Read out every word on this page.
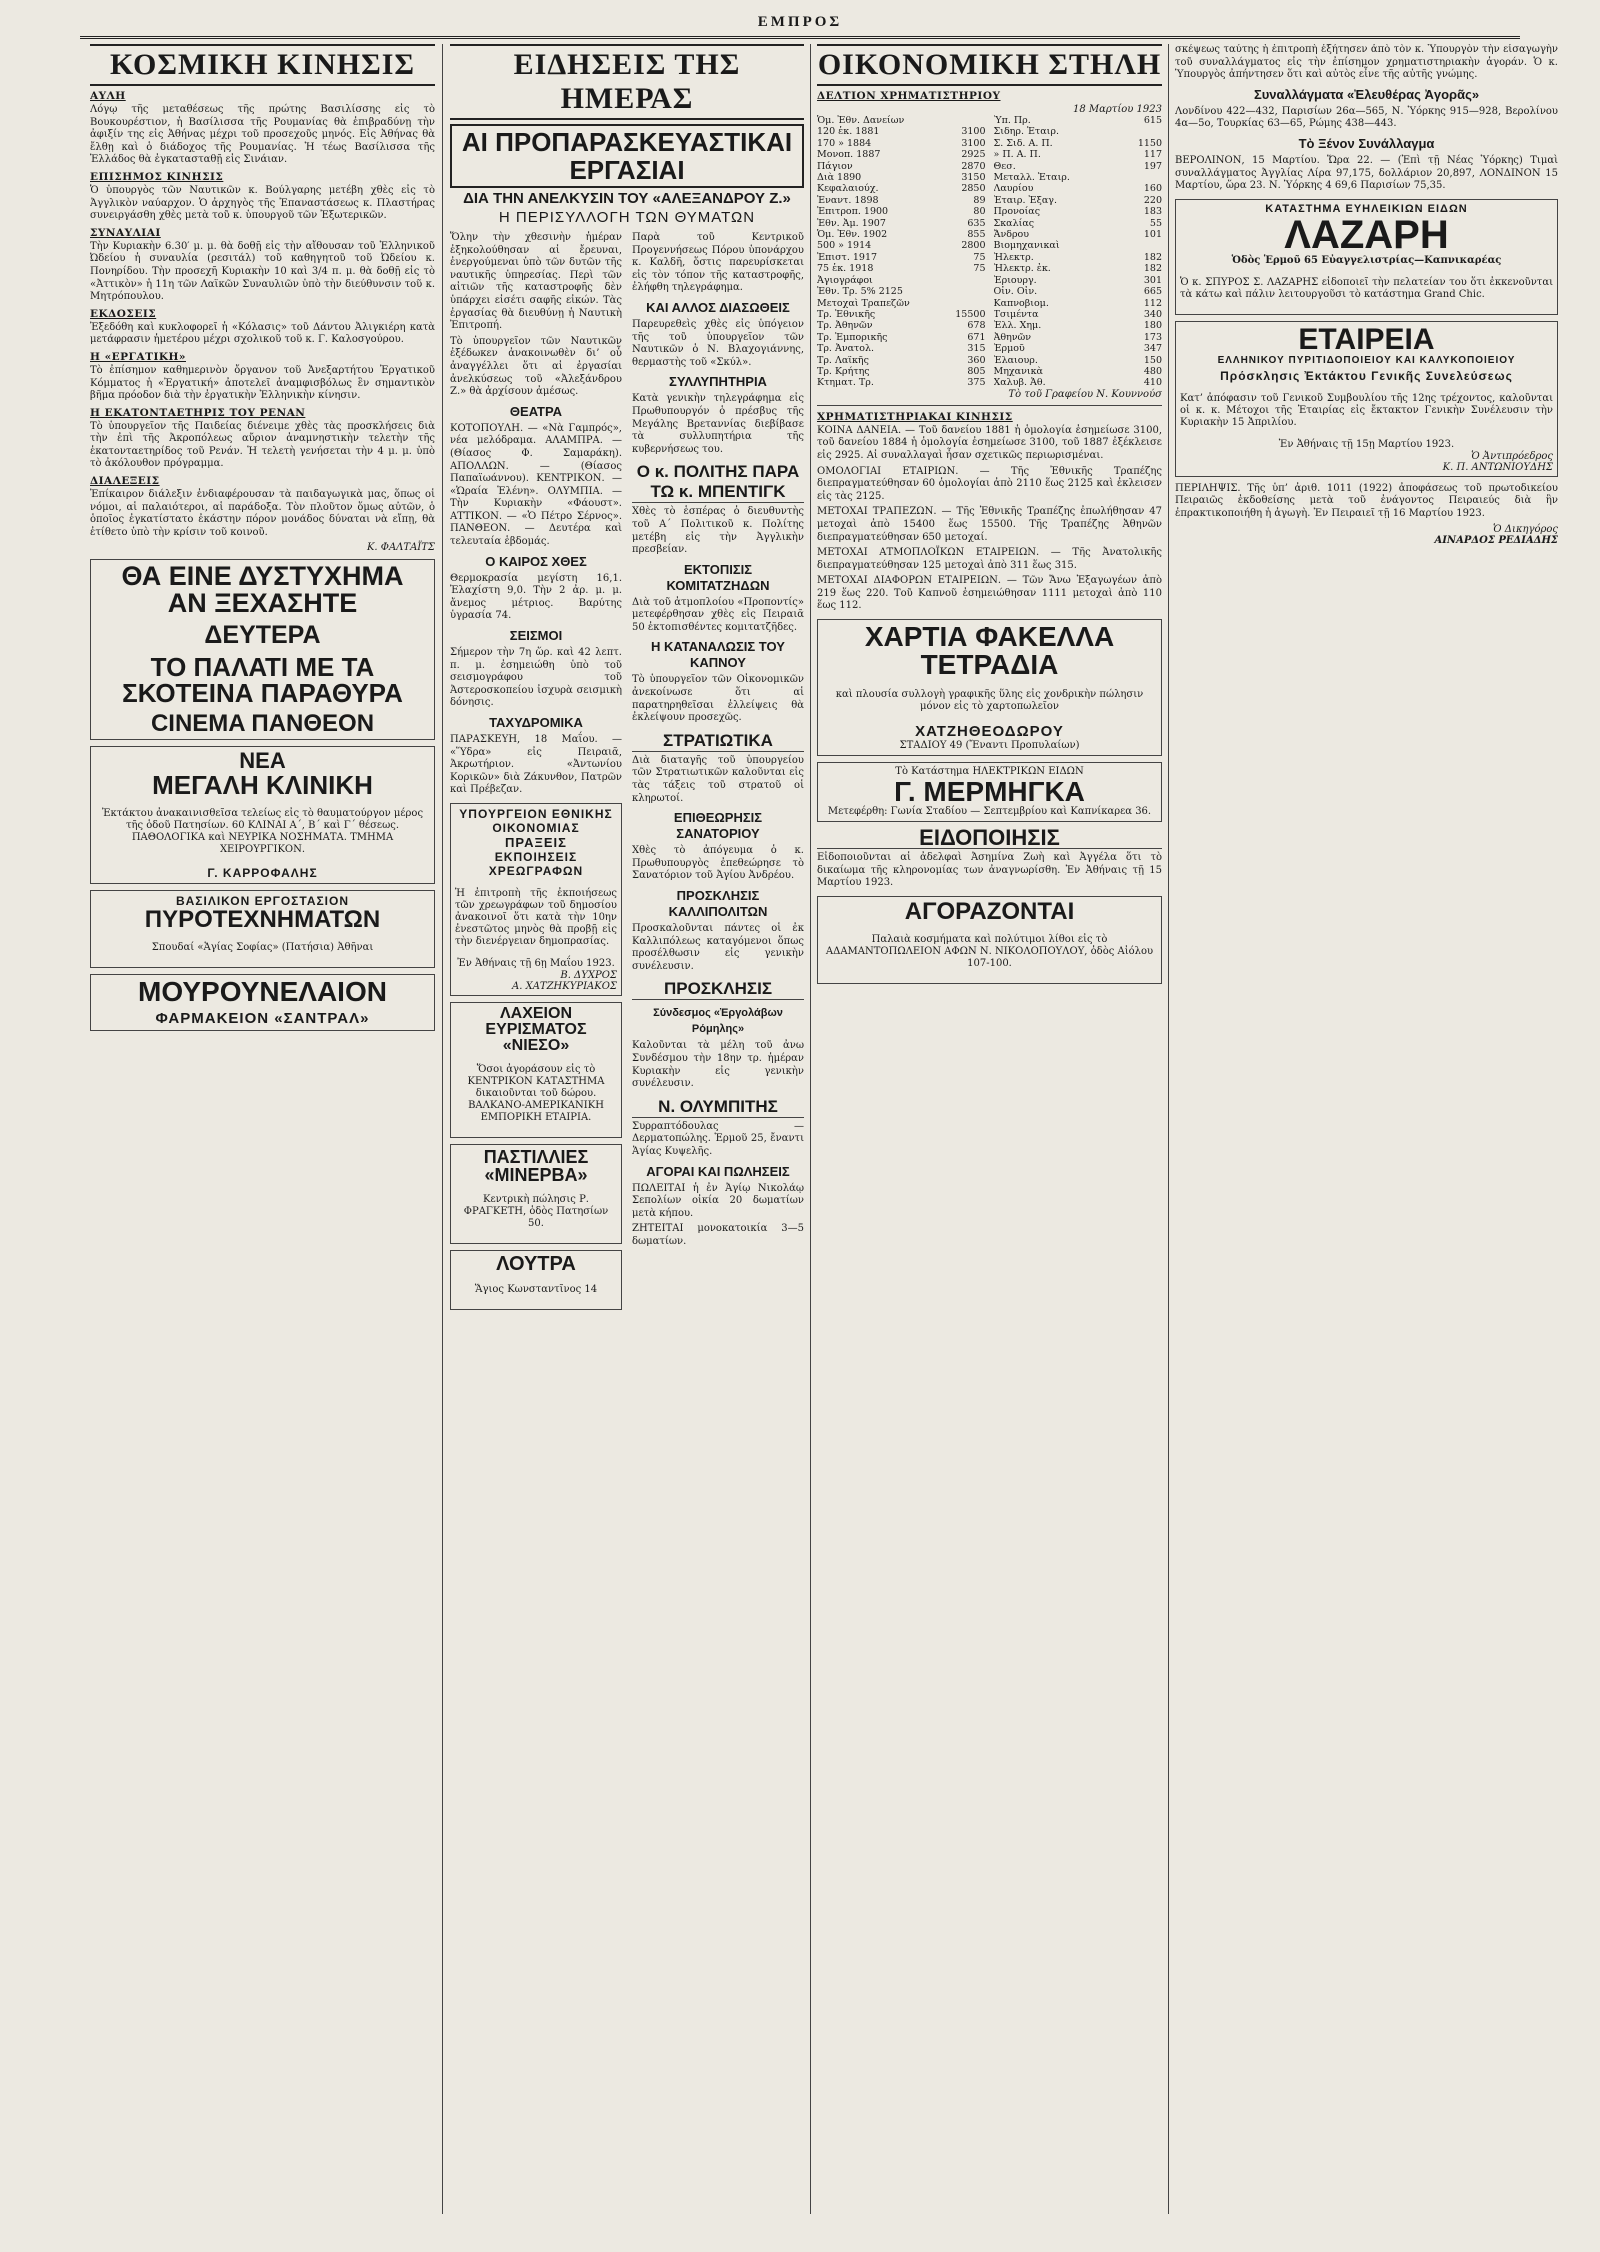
ΕΜΠΡΟΣ
ΚΟΣΜΙΚΗ ΚΙΝΗΣΙΣ
ΑΥΛΗ

Λόγῳ τῆς μεταθέσεως τῆς πρώτης Βασιλίσσης εἰς τὸ Βουκουρέστιον, ἡ Βασίλισσα τῆς Ρουμανίας θὰ ἐπιβραδύνῃ τὴν ἀφιξίν της εἰς Ἀθήνας μέχρι τοῦ προσεχοῦς μηνός. Εἰς Ἀθήνας θὰ ἔλθῃ καὶ ὁ διάδοχος τῆς Ρουμανίας. Ἡ τέως Βασίλισσα τῆς Ἑλλάδος θὰ ἐγκατασταθῇ εἰς Σινάιαν.

ΕΠΙΣΗΜΟΣ ΚΙΝΗΣΙΣ

Ὁ ὑπουργὸς τῶν Ναυτικῶν κ. Βούλγαρης μετέβη χθὲς εἰς τὸ Ἀγγλικὸν ναύαρχον. Ὁ ἀρχηγὸς τῆς Ἐπαναστάσεως κ. Πλαστήρας συνειργάσθη χθὲς μετὰ τοῦ κ. ὑπουργοῦ τῶν Ἐξωτερικῶν.

ΣΥΝΑΥΛΙΑΙ

Τὴν Κυριακὴν 6.30′ μ. μ. θὰ δοθῇ εἰς τὴν αἴθουσαν τοῦ Ἑλληνικοῦ Ὠδείου ἡ συναυλία (ρεσιτάλ) τοῦ καθηγητοῦ τοῦ Ὠδείου κ. Πονηρίδου. Τὴν προσεχῆ Κυριακὴν 10 καὶ 3/4 π. μ. θὰ δοθῇ εἰς τὸ «Ἀττικὸν» ἡ 11η τῶν Λαϊκῶν Συναυλιῶν ὑπὸ τὴν διεύθυνσιν τοῦ κ. Μητρόπουλου.

ΕΚΔΟΣΕΙΣ

Ἐξεδόθη καὶ κυκλοφορεῖ ἡ «Κόλασις» τοῦ Δάντου Ἀλιγκιέρη κατὰ μετάφρασιν ἡμετέρου μέχρι σχολικοῦ τοῦ κ. Γ. Καλοσγούρου.

Η «ΕΡΓΑΤΙΚΗ»

Τὸ ἐπίσημον καθημερινὸν ὄργανον τοῦ Ἀνεξαρτήτου Ἐργατικοῦ Κόμματος ἡ «Ἐργατική» ἀποτελεῖ ἀναμφισβόλως ἓν σημαντικὸν βῆμα πρόοδον διὰ τὴν ἐργατικὴν Ἑλληνικὴν κίνησιν.

Η ΕΚΑΤΟΝΤΑΕΤΗΡΙΣ ΤΟΥ ΡΕΝΑΝ

Τὸ ὑπουργεῖον τῆς Παιδείας διένειμε χθὲς τὰς προσκλήσεις διὰ τὴν ἐπὶ τῆς Ἀκροπόλεως αὔριον ἀναμνηστικὴν τελετὴν τῆς ἑκατονταετηρίδος τοῦ Ρενάν. Ἡ τελετὴ γενήσεται τὴν 4 μ. μ. ὑπὸ τὸ ἀκόλουθον πρόγραμμα.

ΔΙΑΛΕΞΕΙΣ

Ἐπίκαιρον διάλεξιν ἐνδιαφέρουσαν τὰ παιδαγωγικὰ μας, ὅπως οἱ νόμοι, αἱ παλαιότεροι, αἱ παράδοξα. Τὸν πλοῦτον ὅμως αὐτῶν, ὁ ὁποῖος ἐγκατίστατο ἐκάστην πόρον μονάδος δύναται νὰ εἴπῃ, θὰ ἐτίθετο ὑπὸ τὴν κρίσιν τοῦ κοινοῦ.

Κ. ΦΑΛΤΑΪΤΣ
ΘΑ ΕΙΝΕ ΔΥΣΤΥΧΗΜΑ
ΑΝ ΞΕΧΑΣΗΤΕ
ΔΕΥΤΕΡΑ
ΤΟ ΠΑΛΑΤΙ ΜΕ ΤΑ ΣΚΟΤΕΙΝΑ ΠΑΡΑΘΥΡΑ
CINEMA ΠΑΝΘΕΟΝ
ΝΕΑ
ΜΕΓΑΛΗ ΚΛΙΝΙΚΗ

Ἐκτάκτου ἀνακαινισθεῖσα τελείως εἰς τὸ θαυματούργον μέρος τῆς ὁδοῦ Πατησίων. 60 ΚΛΙΝΑΙ Α΄, Β΄ καὶ Γ΄ θέσεως. ΠΑΘΟΛΟΓΙΚΑ καὶ ΝΕΥΡΙΚΑ ΝΟΣΗΜΑΤΑ. ΤΜΗΜΑ ΧΕΙΡΟΥΡΓΙΚΟΝ.

Γ. ΚΑΡΡΟΦΑΛΗΣ
ΒΑΣΙΛΙΚΟΝ ΕΡΓΟΣΤΑΣΙΟΝ
ΠΥΡΟΤΕΧΝΗΜΑΤΩΝ

Σπουδαί «Ἁγίας Σοφίας» (Πατήσια) Ἀθῆναι

ΜΟΥΡΟΥΝΕΛΑΙΟΝ
ΦΑΡΜΑΚΕΙΟΝ «ΣΑΝΤΡΑΛ»
ΕΙΔΗΣΕΙΣ ΤΗΣ ΗΜΕΡΑΣ
ΑΙ ΠΡΟΠΑΡΑΣΚΕΥΑΣΤΙΚΑΙ ΕΡΓΑΣΙΑΙ
ΔΙΑ ΤΗΝ ΑΝΕΛΚΥΣΙΝ ΤΟΥ «ΑΛΕΞΑΝΔΡΟΥ Ζ.»
Η ΠΕΡΙΣΥΛΛΟΓΗ ΤΩΝ ΘΥΜΑΤΩΝ

Ὅλην τὴν χθεσινὴν ἡμέραν ἐξηκολούθησαν αἱ ἔρευναι, ἐνεργούμεναι ὑπὸ τῶν δυτῶν τῆς ναυτικῆς ὑπηρεσίας. Περὶ τῶν αἰτιῶν τῆς καταστροφῆς δὲν ὑπάρχει εἰσέτι σαφῆς εἰκών. Τὰς ἐργασίας θὰ διευθύνῃ ἡ Ναυτικὴ Ἐπιτροπή.

Τὸ ὑπουργεῖον τῶν Ναυτικῶν ἐξέδωκεν ἀνακοινωθὲν δι’ οὗ ἀναγγέλλει ὅτι αἱ ἐργασίαι ἀνελκύσεως τοῦ «Ἀλεξάνδρου Ζ.» θὰ ἀρχίσουν ἀμέσως.

ΘΕΑΤΡΑ

ΚΟΤΟΠΟΥΛΗ. — «Νὰ Γαμπρός», νέα μελόδραμα. ΑΛΑΜΠΡΑ. — (Θίασος Φ. Σαμαράκη). ΑΠΟΛΛΩΝ. — (Θίασος Παπαϊωάννου). ΚΕΝΤΡΙΚΟΝ. — «Ὡραία Ἑλένη». ΟΛΥΜΠΙΑ. — Τὴν Κυριακὴν «Φάουστ». ΑΤΤΙΚΟΝ. — «Ὁ Πέτρο Σέρνος». ΠΑΝΘΕΟΝ. — Δευτέρα καὶ τελευταία ἑβδομάς.

Ο ΚΑΙΡΟΣ ΧΘΕΣ

Θερμοκρασία μεγίστη 16,1. Ἐλαχίστη 9,0. Τὴν 2 ἀρ. μ. μ. ἄνεμος μέτριος. Βαρύτης ὑγρασία 74.

ΣΕΙΣΜΟΙ

Σήμερον τὴν 7η ὥρ. καὶ 42 λεπτ. π. μ. ἐσημειώθη ὑπὸ τοῦ σεισμογράφου τοῦ Ἀστεροσκοπείου ἰσχυρὰ σεισμικὴ δόνησις.

ΤΑΧΥΔΡΟΜΙΚΑ

ΠΑΡΑΣΚΕΥΗ, 18 Μαΐου. — «Ὕδρα» εἰς Πειραιᾶ, Ἀκρωτήριον. «Ἀντωνίου Κορικῶν» διὰ Ζάκυνθον, Πατρῶν καὶ Πρέβεζαν.

ΥΠΟΥΡΓΕΙΟΝ ΕΘΝΙΚΗΣ ΟΙΚΟΝΟΜΙΑΣ
ΠΡΑΞΕΙΣ
ΕΚΠΟΙΗΣΕΙΣ ΧΡΕΩΓΡΑΦΩΝ

Ἡ ἐπιτροπὴ τῆς ἐκποιήσεως τῶν χρεωγράφων τοῦ δημοσίου ἀνακοινοῖ ὅτι κατὰ τὴν 10ην ἐνεστῶτος μηνὸς θὰ προβῇ εἰς τὴν διενέργειαν δημοπρασίας.

Ἐν Ἀθήναις τῇ 6ῃ Μαΐου 1923.
Β. ΔΥΧΡΟΣ
Α. ΧΑΤΖΗΚΥΡΙΑΚΟΣ
ΛΑΧΕΙΟΝ ΕΥΡΙΣΜΑΤΟΣ «ΝΙΕΣΟ»

Ὅσοι ἀγοράσουν εἰς τὸ ΚΕΝΤΡΙΚΟΝ ΚΑΤΑΣΤΗΜΑ δικαιοῦνται τοῦ δώρου. ΒΑΛΚΑΝΟ-ΑΜΕΡΙΚΑΝΙΚΗ ΕΜΠΟΡΙΚΗ ΕΤΑΙΡΙΑ.

ΠΑΣΤΙΛΛΙΕΣ «ΜΙΝΕΡΒΑ»

Κεντρικὴ πώλησις Ρ. ΦΡΑΓΚΕΤΗ, ὁδὸς Πατησίων 50.

ΛΟΥΤΡΑ

Ἅγιος Κωνσταντῖνος 14

Παρὰ τοῦ Κεντρικοῦ Προγεννήσεως Πόρου ὑπονάρχου κ. Καλδῆ, ὅστις παρευρίσκεται εἰς τὸν τόπον τῆς καταστροφῆς, ἐλήφθη τηλεγράφημα.

ΚΑΙ ΑΛΛΟΣ ΔΙΑΣΩΘΕΙΣ

Παρευρεθεὶς χθὲς εἰς ὑπόγειον τῆς τοῦ ὑπουργεῖον τῶν Ναυτικῶν ὁ Ν. Βλαχογιάννης, θερμαστὴς τοῦ «Σκύλ».

ΣΥΛΛΥΠΗΤΗΡΙΑ

Κατὰ γενικὴν τηλεγράφημα εἰς Πρωθυπουργόν ὁ πρέσβυς τῆς Μεγάλης Βρεταννίας διεβίβασε τὰ συλλυπητήρια τῆς κυβερνήσεως του.

Ο κ. ΠΟΛΙΤΗΣ ΠΑΡΑ ΤΩ κ. ΜΠΕΝΤΙΓΚ

Χθὲς τὸ ἑσπέρας ὁ διευθυντὴς τοῦ Α΄ Πολιτικοῦ κ. Πολίτης μετέβη εἰς τὴν Ἀγγλικὴν πρεσβείαν.

ΕΚΤΟΠΙΣΙΣ ΚΟΜΙΤΑΤΖΗΔΩΝ

Διὰ τοῦ ἀτμοπλοίου «Προποντίς» μετεφέρθησαν χθὲς εἰς Πειραιᾶ 50 ἐκτοπισθέντες κομιτατζῆδες.

Η ΚΑΤΑΝΑΛΩΣΙΣ ΤΟΥ ΚΑΠΝΟΥ

Τὸ ὑπουργεῖον τῶν Οἰκονομικῶν ἀνεκοίνωσε ὅτι αἱ παρατηρηθεῖσαι ἐλλείψεις θὰ ἐκλείψουν προσεχῶς.

ΣΤΡΑΤΙΩΤΙΚΑ

Διὰ διαταγῆς τοῦ ὑπουργείου τῶν Στρατιωτικῶν καλοῦνται εἰς τὰς τάξεις τοῦ στρατοῦ οἱ κληρωτοί.

ΕΠΙΘΕΩΡΗΣΙΣ ΣΑΝΑΤΟΡΙΟΥ

Χθὲς τὸ ἀπόγευμα ὁ κ. Πρωθυπουργὸς ἐπεθεώρησε τὸ Σανατόριον τοῦ Ἀγίου Ἀνδρέου.

ΠΡΟΣΚΛΗΣΙΣ ΚΑΛΛΙΠΟΛΙΤΩΝ

Προσκαλοῦνται πάντες οἱ ἐκ Καλλιπόλεως καταγόμενοι ὅπως προσέλθωσιν εἰς γενικὴν συνέλευσιν.

ΠΡΟΣΚΛΗΣΙΣ
Σύνδεσμος «Ἐργολάβων Ρόμηλης»

Καλοῦνται τὰ μέλη τοῦ ἀνω Συνδέσμου τὴν 18ην τρ. ἡμέραν Κυριακὴν εἰς γενικὴν συνέλευσιν.

Ν. ΟΛΥΜΠΙΤΗΣ

Συρραπτόδουλας — Δερματοπώλης. Ἑρμοῦ 25, ἔναντι Ἁγίας Κυψελῆς.

ΑΓΟΡΑΙ ΚΑΙ ΠΩΛΗΣΕΙΣ

ΠΩΛΕΙΤΑΙ ἡ ἐν Ἀγίῳ Νικολάῳ Σεπολίων οἰκία 20 δωματίων μετὰ κήπου.

ΖΗΤΕΙΤΑΙ μονοκατοικία 3—5 δωματίων.

ΟΙΚΟΝΟΜΙΚΗ ΣΤΗΛΗ
ΔΕΛΤΙΟΝ ΧΡΗΜΑΤΙΣΤΗΡΙΟΥ
18 Μαρτίου 1923
Ὁμ. Ἐθν. Δανείων
120 ἑκ. 1881	3100
170 » 1884	3100
Μονοπ. 1887	2925
Πάγιον	2870
Διὰ 1890	3150
Κεφαλαιούχ.	2850
Ἐναντ. 1898	89
Ἐπιτροπ. 1900	80
Ἐθν. Ἀμ. 1907	635
Ὁμ. Ἐθν. 1902	855
500 » 1914	2800
Ἐπιστ. 1917	75
75 ἑκ. 1918	75
Ἀγιογράφοι
Ἐθν. Τρ. 5% 2125
Μετοχαὶ Τραπεζῶν
Τρ. Ἐθνικῆς	15500
Τρ. Ἀθηνῶν	678
Τρ. Ἐμπορικῆς	671
Τρ. Ἀνατολ.	315
Τρ. Λαϊκῆς	360
Τρ. Κρήτης	805
Κτηματ. Τρ.	375
Ὑπ. Πρ.	615
Σιδηρ. Ἑταιρ.
Σ. Σιδ. Α. Π.	1150
» Π. Α. Π.	117
Θεσ.	197
Μεταλλ. Ἑταιρ.
Λαυρίου	160
Ἑταιρ. Ἐξαγ.	220
Προνοίας	183
Σκαλίας	55
Ἄνδρου	101
Βιομηχανικαὶ
Ἠλεκτρ.	182
Ἠλεκτρ. ἐκ.	182
Ἐριουργ.	301
Οἶν. Οἰν.	665
Καπνοβιομ.	112
Τσιμέντα	340
Ἑλλ. Χημ.	180
Ἀθηνῶν	173
Ἑρμοῦ	347
Ἐλαιουρ.	150
Μηχανικὰ	480
Χαλυβ. Ἀθ.	410
Τὸ τοῦ Γραφείου Ν. Κουννούσ
ΧΡΗΜΑΤΙΣΤΗΡΙΑΚΑΙ ΚΙΝΗΣΙΣ

ΚΟΙΝΑ ΔΑΝΕΙΑ. — Τοῦ δανείου 1881 ἡ ὁμολογία ἐσημείωσε 3100, τοῦ δανείου 1884 ἡ ὁμολογία ἐσημείωσε 3100, τοῦ 1887 ἐξέκλεισε εἰς 2925. Αἱ συναλλαγαὶ ἦσαν σχετικῶς περιωρισμέναι.

ΟΜΟΛΟΓΙΑΙ ΕΤΑΙΡΙΩΝ. — Τῆς Ἐθνικῆς Τραπέζης διεπραγματεύθησαν 60 ὁμολογίαι ἀπὸ 2110 ἕως 2125 καὶ ἐκλεισεν εἰς τὰς 2125.

ΜΕΤΟΧΑΙ ΤΡΑΠΕΖΩΝ. — Τῆς Ἐθνικῆς Τραπέζης ἐπωλήθησαν 47 μετοχαὶ ἀπὸ 15400 ἕως 15500. Τῆς Τραπέζης Ἀθηνῶν διεπραγματεύθησαν 650 μετοχαί.

ΜΕΤΟΧΑΙ ΑΤΜΟΠΛΟΪΚΩΝ ΕΤΑΙΡΕΙΩΝ. — Τῆς Ἀνατολικῆς διεπραγματεύθησαν 125 μετοχαὶ ἀπὸ 311 ἕως 315.

ΜΕΤΟΧΑΙ ΔΙΑΦΟΡΩΝ ΕΤΑΙΡΕΙΩΝ. — Τῶν Ἄνω Ἐξαγωγέων ἀπὸ 219 ἕως 220. Τοῦ Καπνοῦ ἐσημειώθησαν 1111 μετοχαὶ ἀπὸ 110 ἕως 112.

ΧΑΡΤΙΑ ΦΑΚΕΛΛΑ ΤΕΤΡΑΔΙΑ

καὶ πλουσία συλλογὴ γραφικῆς ὕλης εἰς χονδρικὴν πώλησιν μόνον εἰς τὸ χαρτοπωλεῖον

ΧΑΤΖΗΘΕΟΔΩΡΟΥ
ΣΤΑΔΙΟΥ 49 (Ἔναντι Προπυλαίων)
Τὸ Κατάστημα ΗΛΕΚΤΡΙΚΩΝ ΕΙΔΩΝ
Γ. ΜΕΡΜΗΓΚΑ
Μετεφέρθη: Γωνία Σταδίου — Σεπτεμβρίου καὶ Καπνίκαρεα 36.
ΕΙΔΟΠΟΙΗΣΙΣ

Εἰδοποιοῦνται αἱ ἀδελφαὶ Ἀσημίνα Ζωὴ καὶ Ἀγγέλα ὅτι τὸ δικαίωμα τῆς κληρονομίας των ἀναγνωρίσθη. Ἐν Ἀθήναις τῇ 15 Μαρτίου 1923.

ΑΓΟΡΑΖΟΝΤΑΙ

Παλαιὰ κοσμήματα καὶ πολύτιμοι λίθοι εἰς τὸ ΑΔΑΜΑΝΤΟΠΩΛΕΙΟΝ ΑΦΩΝ Ν. ΝΙΚΟΛΟΠΟΥΛΟΥ, ὁδὸς Αἰόλου 107-100.

σκέψεως ταύτης ἡ ἐπιτροπὴ ἐξήτησεν ἀπὸ τὸν κ. Ὑπουργὸν τὴν εἰσαγωγὴν τοῦ συναλλάγματος εἰς τὴν ἐπίσημον χρηματιστηριακὴν ἀγοράν. Ὁ κ. Ὑπουργὸς ἀπήντησεν ὅτι καὶ αὐτὸς εἶνε τῆς αὐτῆς γνώμης.

Συναλλάγματα «Ἐλευθέρας Ἀγορᾶς»

Λονδίνου 422—432, Παρισίων 26α—565, Ν. Ὑόρκης 915—928, Βερολίνου 4α—5ο, Τουρκίας 63—65, Ρώμης 438—443.

Τὸ Ξένον Συνάλλαγμα

ΒΕΡΟΛΙΝΟΝ, 15 Μαρτίου. Ὥρα 22. — (Ἐπὶ τῇ Νέας Ὑόρκης) Τιμαὶ συναλλάγματος Ἀγγλίας Λίρα 97,175, δολλάριον 20,897, ΛΟΝΔΙΝΟΝ 15 Μαρτίου, ὥρα 23. Ν. Ὑόρκης 4 69,6 Παρισίων 75,35.

ΚΑΤΑΣΤΗΜΑ ΕΥΗΛΕΙΚΙΩΝ ΕΙΔΩΝ
ΛΑΖΑΡΗ
Ὁδὸς Ἑρμοῦ 65 Εὐαγγελιστρίας—Καπνικαρέας

Ὁ κ. ΣΠΥΡΟΣ Σ. ΛΑΖΑΡΗΣ εἰδοποιεῖ τὴν πελατείαν του ὅτι ἐκκενοῦνται τὰ κάτω καὶ πάλιν λειτουργοῦσι τὸ κατάστημα Grand Chic.

ΕΤΑΙΡΕΙΑ
ΕΛΛΗΝΙΚΟΥ ΠΥΡΙΤΙΔΟΠΟΙΕΙΟΥ ΚΑΙ ΚΑΛΥΚΟΠΟΙΕΙΟΥ
Πρόσκλησις Ἐκτάκτου Γενικῆς Συνελεύσεως

Κατ’ ἀπόφασιν τοῦ Γενικοῦ Συμβουλίου τῆς 12ης τρέχοντος, καλοῦνται οἱ κ. κ. Μέτοχοι τῆς Ἑταιρίας εἰς ἔκτακτον Γενικὴν Συνέλευσιν τὴν Κυριακὴν 15 Ἀπριλίου.

Ἐν Ἀθήναις τῇ 15ῃ Μαρτίου 1923.
Ὁ Ἀντιπρόεδρος
Κ. Π. ΑΝΤΩΝΙΟΥΔΗΣ

ΠΕΡΙΛΗΨΙΣ. Τῆς ὑπ’ ἀριθ. 1011 (1922) ἀποφάσεως τοῦ πρωτοδικείου Πειραιῶς ἐκδοθείσης μετὰ τοῦ ἐνάγοντος Πειραιεύς διὰ ἣν ἐπρακτικοποιήθη ἡ ἀγωγὴ. Ἐν Πειραιεῖ τῇ 16 Μαρτίου 1923.

Ὁ Δικηγόρος
ΑΙΝΑΡΔΟΣ ΡΕΔΙΑΔΗΣ
